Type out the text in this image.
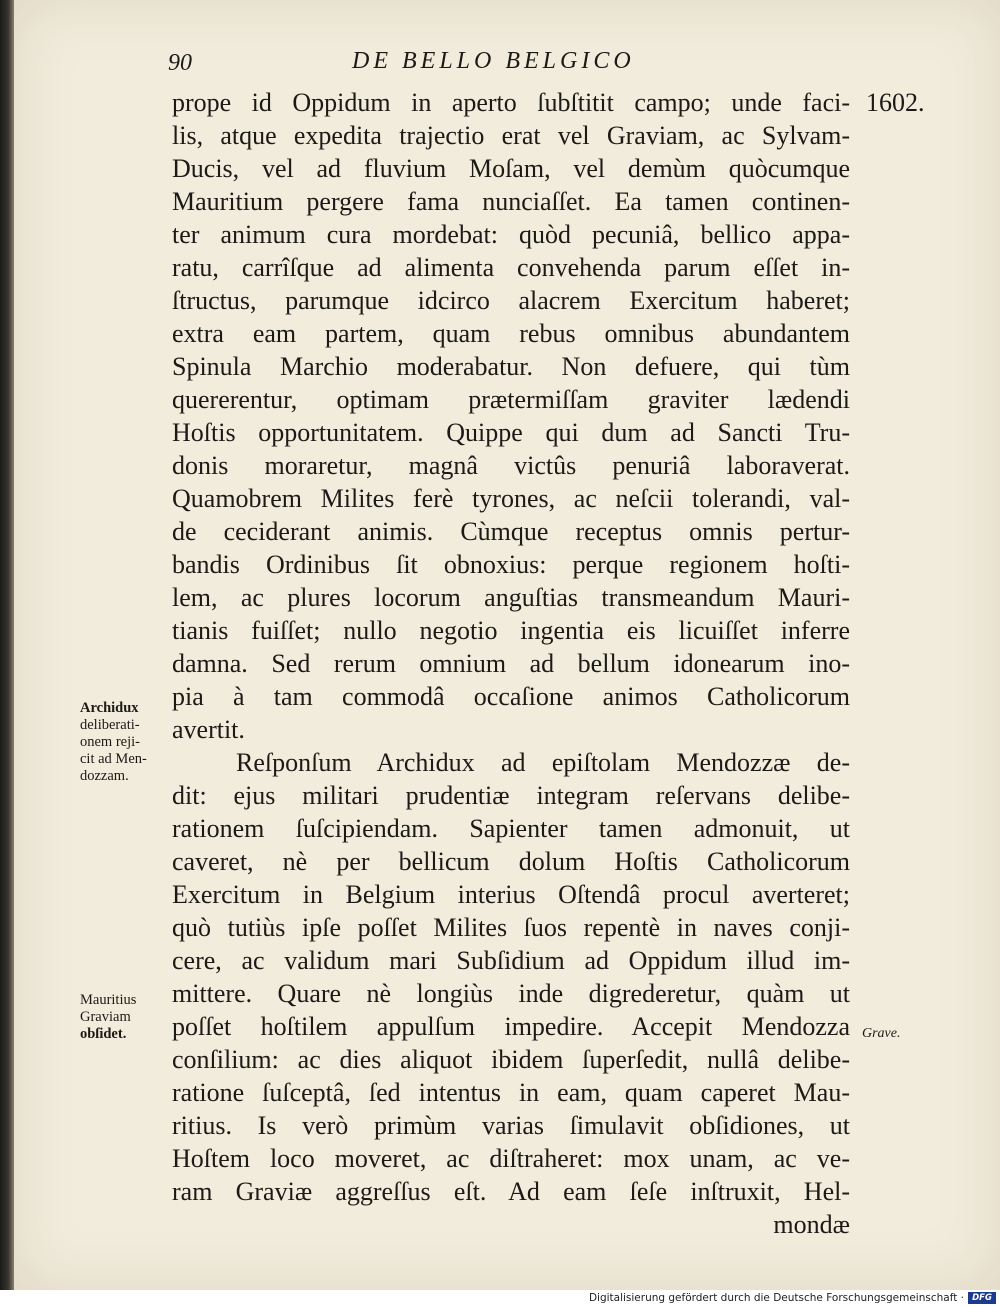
90	DE BELLO BELGICO
1602.
prope id Oppidum in aperto ſubſtitit campo; unde faci-
lis, atque expedita trajectio erat vel Graviam, ac Sylvam-
Ducis, vel ad fluvium Moſam, vel demùm quòcumque
Mauritium pergere fama nunciaſſet. Ea tamen continen-
ter animum cura mordebat: quòd pecuniâ, bellico appa-
ratu, carrîſque ad alimenta convehenda parum eſſet in-
ſtructus, parumque idcirco alacrem Exercitum haberet;
extra eam partem, quam rebus omnibus abundantem
Spinula Marchio moderabatur. Non defuere, qui tùm
quererentur, optimam prætermiſſam graviter lædendi
Hoſtis opportunitatem. Quippe qui dum ad Sancti Tru-
donis moraretur, magnâ victûs penuriâ laboraverat.
Quamobrem Milites ferè tyrones, ac neſcii tolerandi, val-
de ceciderant animis. Cùmque receptus omnis pertur-
bandis Ordinibus ſit obnoxius: perque regionem hoſti-
lem, ac plures locorum anguſtias transmeandum Mauri-
tianis fuiſſet; nullo negotio ingentia eis licuiſſet inferre
damna. Sed rerum omnium ad bellum idonearum ino-
pia à tam commodâ occaſione animos Catholicorum
avertit.
Reſponſum Archidux ad epiſtolam Mendozzæ de-
dit: ejus militari prudentiæ integram reſervans delibe-
rationem ſuſcipiendam. Sapienter tamen admonuit, ut
caveret, nè per bellicum dolum Hoſtis Catholicorum
Exercitum in Belgium interius Oſtendâ procul averteret;
quò tutiùs ipſe poſſet Milites ſuos repentè in naves conji-
cere, ac validum mari Subſidium ad Oppidum illud im-
mittere. Quare nè longiùs inde digrederetur, quàm ut
poſſet hoſtilem appulſum impedire. Accepit Mendozza
conſilium: ac dies aliquot ibidem ſuperſedit, nullâ delibe-
ratione ſuſceptâ, ſed intentus in eam, quam caperet Mau-
ritius. Is verò primùm varias ſimulavit obſidiones, ut
Hoſtem loco moveret, ac diſtraheret: mox unam, ac ve-
ram Graviæ aggreſſus eſt. Ad eam ſeſe inſtruxit, Hel-
mondæ
Archidux
deliberati-
onem reji-
cit ad Men-
dozzam.
Mauritius
Graviam
obſidet.	Grave.
Digitalisierung gefördert durch die Deutsche Forschungsgemeinschaft · DFG
